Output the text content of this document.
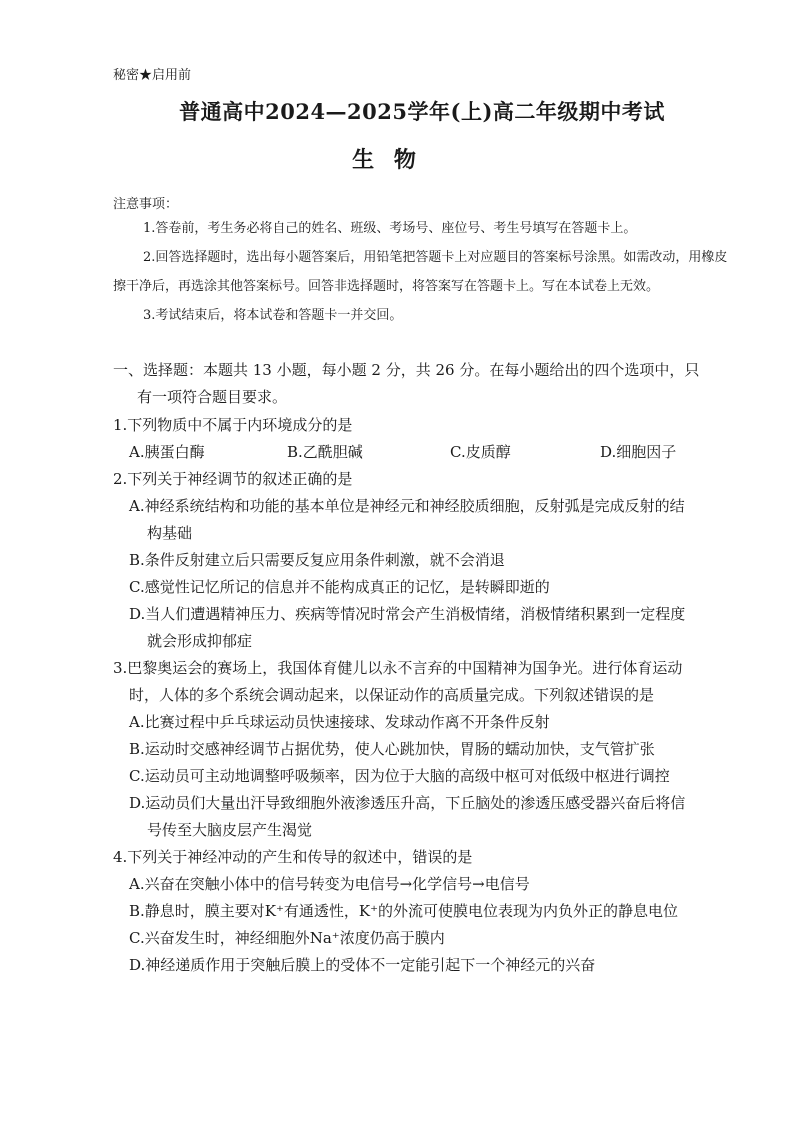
秘密★启用前
普通高中2024—2025学年(上)高二年级期中考试
生 物
注意事项：

1.答卷前，考生务必将自己的姓名、班级、考场号、座位号、考生号填写在答题卡上。

2.回答选择题时，选出每小题答案后，用铅笔把答题卡上对应题目的答案标号涂黑。如需改动，用橡皮擦干净后，再选涂其他答案标号。回答非选择题时，将答案写在答题卡上。写在本试卷上无效。

3.考试结束后，将本试卷和答题卡一并交回。

一、选择题：本题共 13 小题，每小题 2 分，共 26 分。在每小题给出的四个选项中，只
有一项符合题目要求。

1.下列物质中不属于内环境成分的是

A.胰蛋白酶	B.乙酰胆碱	C.皮质醇	D.细胞因子

2.下列关于神经调节的叙述正确的是

A.神经系统结构和功能的基本单位是神经元和神经胶质细胞，反射弧是完成反射的结
构基础

B.条件反射建立后只需要反复应用条件刺激，就不会消退

C.感觉性记忆所记的信息并不能构成真正的记忆，是转瞬即逝的

D.当人们遭遇精神压力、疾病等情况时常会产生消极情绪，消极情绪积累到一定程度
就会形成抑郁症

3.巴黎奥运会的赛场上，我国体育健儿以永不言弃的中国精神为国争光。进行体育运动
时，人体的多个系统会调动起来，以保证动作的高质量完成。下列叙述错误的是

A.比赛过程中乒乓球运动员快速接球、发球动作离不开条件反射

B.运动时交感神经调节占据优势，使人心跳加快，胃肠的蠕动加快，支气管扩张

C.运动员可主动地调整呼吸频率，因为位于大脑的高级中枢可对低级中枢进行调控

D.运动员们大量出汗导致细胞外液渗透压升高，下丘脑处的渗透压感受器兴奋后将信
号传至大脑皮层产生渴觉

4.下列关于神经冲动的产生和传导的叙述中，错误的是

A.兴奋在突触小体中的信号转变为电信号→化学信号→电信号

B.静息时，膜主要对K⁺有通透性，K⁺的外流可使膜电位表现为内负外正的静息电位

C.兴奋发生时，神经细胞外Na⁺浓度仍高于膜内

D.神经递质作用于突触后膜上的受体不一定能引起下一个神经元的兴奋
